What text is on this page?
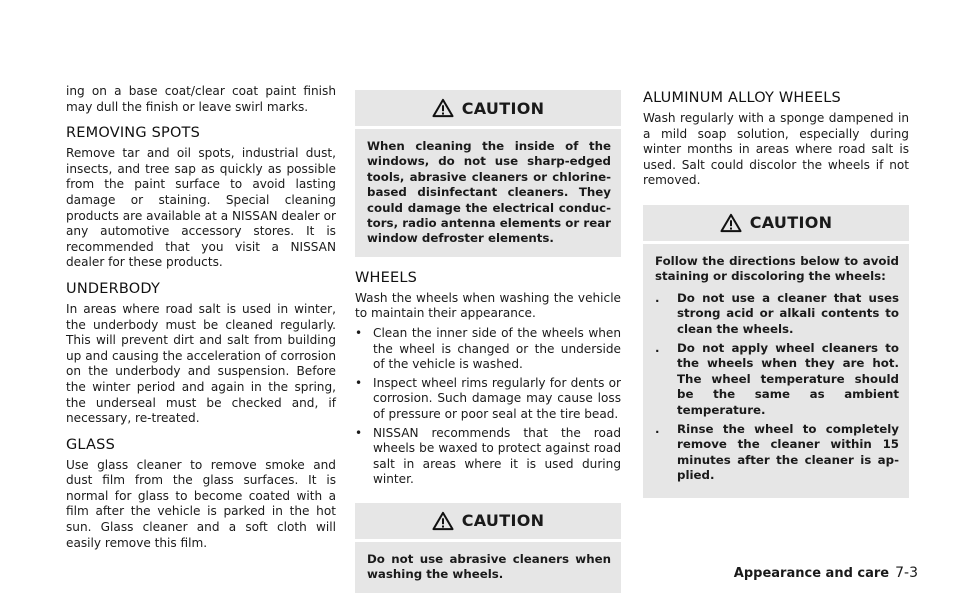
ing on a base coat/clear coat paint finish may dull the finish or leave swirl marks.

REMOVING SPOTS

Remove tar and oil spots, industrial dust, insects, and tree sap as quickly as possible from the paint surface to avoid lasting damage or staining. Special cleaning products are available at a NISSAN dealer or any automotive accessory stores. It is recommended that you visit a NISSAN dealer for these products.

UNDERBODY

In areas where road salt is used in winter, the underbody must be cleaned regularly. This will prevent dirt and salt from building up and causing the acceleration of corrosion on the underbody and suspension. Before the winter period and again in the spring, the underseal must be checked and, if necessary, re-treated.

GLASS

Use glass cleaner to remove smoke and dust film from the glass surfaces. It is normal for glass to become coated with a film after the vehicle is parked in the hot sun. Glass cleaner and a soft cloth will easily remove this film.

CAUTION

When cleaning the inside of the windows, do not use sharp-edged tools, abrasive cleaners or chlorine-based disinfectant cleaners. They could damage the electrical conductors, radio antenna elements or rear window defroster elements.

WHEELS

Wash the wheels when washing the vehicle to maintain their appearance.

• Clean the inner side of the wheels when the wheel is changed or the underside of the vehicle is washed.
• Inspect wheel rims regularly for dents or corrosion. Such damage may cause loss of pressure or poor seal at the tire bead.
• NISSAN recommends that the road wheels be waxed to protect against road salt in areas where it is used during winter.
CAUTION

Do not use abrasive cleaners when washing the wheels.

ALUMINUM ALLOY WHEELS

Wash regularly with a sponge dampened in a mild soap solution, especially during winter months in areas where road salt is used. Salt could discolor the wheels if not removed.

CAUTION

Follow the directions below to avoid staining or discoloring the wheels:

. Do not use a cleaner that uses strong acid or alkali contents to clean the wheels.
. Do not apply wheel cleaners to the wheels when they are hot. The wheel temperature should be the same as ambient temperature.
. Rinse the wheel to completely remove the cleaner within 15 minutes after the cleaner is applied.
Appearance and care 7-3
